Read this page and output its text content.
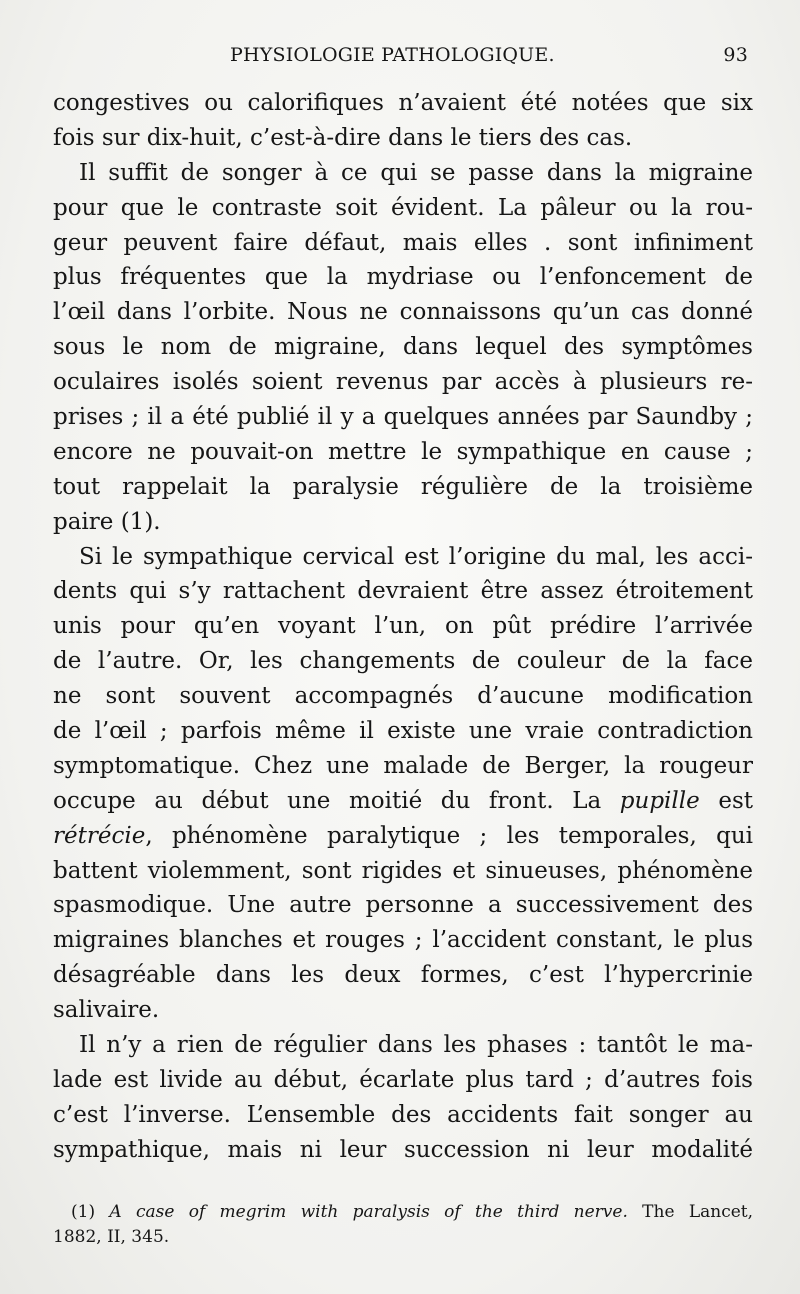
PHYSIOLOGIE PATHOLOGIQUE.	93
congestives ou calorifiques n’avaient été notées que six
fois sur dix-huit, c’est-à-dire dans le tiers des cas.
Il suffit de songer à ce qui se passe dans la migraine
pour que le contraste soit évident. La pâleur ou la rou-
geur peuvent faire défaut, mais elles . sont infiniment
plus fréquentes que la mydriase ou l’enfoncement de
l’œil dans l’orbite. Nous ne connaissons qu’un cas donné
sous le nom de migraine, dans lequel des symptômes
oculaires isolés soient revenus par accès à plusieurs re-
prises ; il a été publié il y a quelques années par Saundby ;
encore ne pouvait-on mettre le sympathique en cause ;
tout rappelait la paralysie régulière de la troisième
paire (1).
Si le sympathique cervical est l’origine du mal, les acci-
dents qui s’y rattachent devraient être assez étroitement
unis pour qu’en voyant l’un, on pût prédire l’arrivée
de l’autre. Or, les changements de couleur de la face
ne sont souvent accompagnés d’aucune modification
de l’œil ; parfois même il existe une vraie contradiction
symptomatique. Chez une malade de Berger, la rougeur
occupe au début une moitié du front. La pupille est
rétrécie, phénomène paralytique ; les temporales, qui
battent violemment, sont rigides et sinueuses, phénomène
spasmodique. Une autre personne a successivement des
migraines blanches et rouges ; l’accident constant, le plus
désagréable dans les deux formes, c’est l’hypercrinie
salivaire.
Il n’y a rien de régulier dans les phases : tantôt le ma-
lade est livide au début, écarlate plus tard ; d’autres fois
c’est l’inverse. L’ensemble des accidents fait songer au
sympathique, mais ni leur succession ni leur modalité
(1) A case of megrim with paralysis of the third nerve. The Lancet,
1882, II, 345.
